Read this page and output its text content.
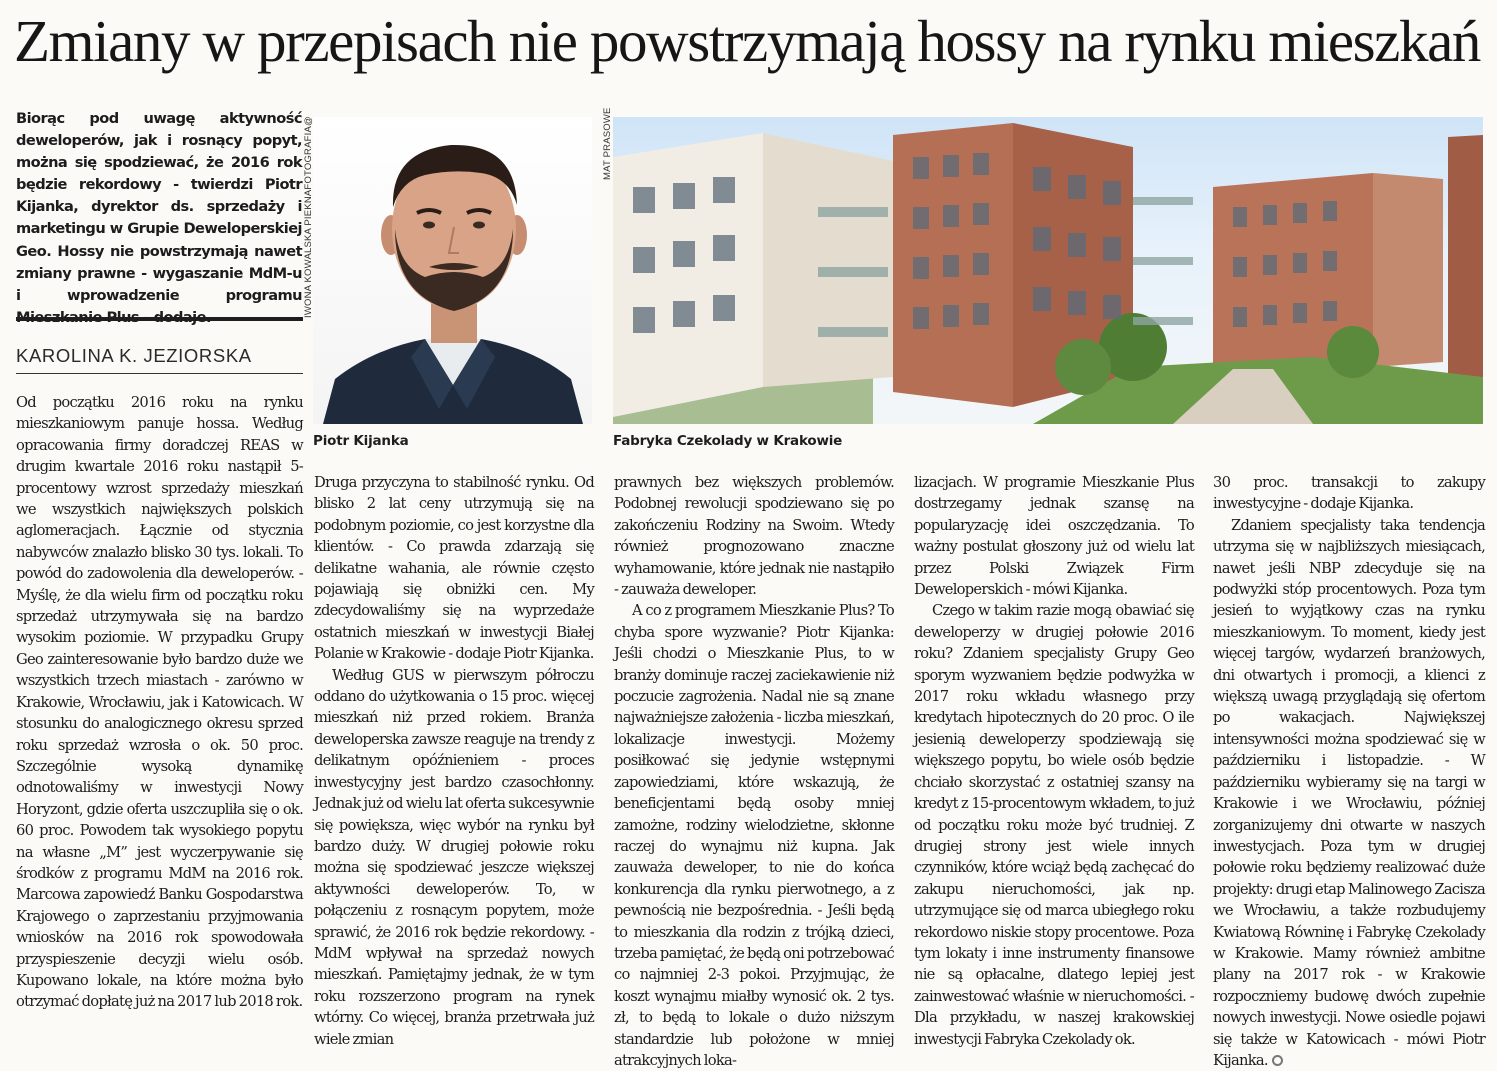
Zmiany w przepisach nie powstrzymają hossy na rynku mieszkań

Biorąc pod uwagę aktywność deweloperów, jak i rosnący popyt, można się spodziewać, że 2016 rok będzie rekordowy - twierdzi Piotr Kijanka, dyrektor ds. sprzedaży i marketingu w Grupie Deweloperskiej Geo. Hossy nie powstrzymają nawet zmiany prawne - wygaszanie MdM-u i wprowadzenie programu

KAROLINA K. JEZIORSKA

IWONA KOWALSKA PIEKNAFOTOGRAFIA@	MAT PRASOWE

Piotr Kijanka	Fabryka Czekolady w Krakowie

Od początku 2016 roku na rynku mieszkaniowym panuje hossa. Według opracowania firmy doradczej REAS w drugim kwartale 2016 roku nastąpił 5-procentowy wzrost sprzedaży mieszkań we wszystkich największych polskich aglomeracjach. Łącznie od stycznia nabywców znalazło blisko 30 tys. lokali. To powód do zadowolenia dla deweloperów. - Myślę, że dla wielu firm od początku roku sprzedaż utrzymywała się na bardzo wysokim poziomie. W przypadku Grupy Geo zainteresowanie było bardzo duże we wszystkich trzech miastach - zarówno w Krakowie, Wrocławiu, jak i Katowicach. W stosunku do analogicznego okresu sprzed roku sprzedaż wzrosła o ok. 50 proc. Szczególnie wysoką dynamikę odnotowaliśmy w inwestycji Nowy Horyzont, gdzie oferta uszczupliła się o ok. 60 proc. Powodem tak wysokiego popytu na własne „M” jest wyczerpywanie się środków z programu MdM na 2016 rok. Marcowa zapowiedź Banku Gospodarstwa Krajowego o zaprzestaniu przyjmowania wniosków na 2016 rok spowodowała przyspieszenie decyzji wielu osób. Kupowano lokale, na które można było otrzymać dopłatę już na 2017 lub 2018 rok.

Druga przyczyna to stabilność rynku. Od blisko 2 lat ceny utrzymują się na podobnym poziomie, co jest korzystne dla klientów. - Co prawda zdarzają się delikatne wahania, ale równie często pojawiają się obniżki cen. My zdecydowaliśmy się na wyprzedaże ostatnich mieszkań w inwestycji Białej Polanie w Krakowie - dodaje Piotr Kijanka.

Według GUS w pierwszym półroczu oddano do użytkowania o 15 proc. więcej mieszkań niż przed rokiem. Branża deweloperska zawsze reaguje na trendy z delikatnym opóźnieniem - proces inwestycyjny jest bardzo czasochłonny. Jednak już od wielu lat oferta sukcesywnie się powiększa, więc wybór na rynku był bardzo duży. W drugiej połowie roku można się spodziewać jeszcze większej aktywności deweloperów. To, w połączeniu z rosnącym popytem, może sprawić, że 2016 rok będzie rekordowy. - MdM wpływał na sprzedaż nowych mieszkań. Pamiętajmy jednak, że w tym roku rozszerzono program na rynek wtórny. Co więcej, branża przetrwała już wiele zmian

prawnych bez większych problemów. Podobnej rewolucji spodziewano się po zakończeniu Rodziny na Swoim. Wtedy również prognozowano znaczne wyhamowanie, które jednak nie nastąpiło - zauważa deweloper.

A co z programem Mieszkanie Plus? To chyba spore wyzwanie? Piotr Kijanka: Jeśli chodzi o Mieszkanie Plus, to w branży dominuje raczej zaciekawienie niż poczucie zagrożenia. Nadal nie są znane najważniejsze założenia - liczba mieszkań, lokalizacje inwestycji. Możemy posiłkować się jedynie wstępnymi zapowiedziami, które wskazują, że beneficjentami będą osoby mniej zamożne, rodziny wielodzietne, skłonne raczej do wynajmu niż kupna. Jak zauważa deweloper, to nie do końca konkurencja dla rynku pierwotnego, a z pewnością nie bezpośrednia. - Jeśli będą to mieszkania dla rodzin z trójką dzieci, trzeba pamiętać, że będą oni potrzebować co najmniej 2-3 pokoi. Przyjmując, że koszt wynajmu miałby wynosić ok. 2 tys. zł, to będą to lokale o dużo niższym standardzie lub położone w mniej atrakcyjnych loka-

lizacjach. W programie Mieszkanie Plus dostrzegamy jednak szansę na popularyzację idei oszczędzania. To ważny postulat głoszony już od wielu lat przez Polski Związek Firm Deweloperskich - mówi Kijanka.

Czego w takim razie mogą obawiać się deweloperzy w drugiej połowie 2016 roku? Zdaniem specjalisty Grupy Geo sporym wyzwaniem będzie podwyżka w 2017 roku wkładu własnego przy kredytach hipotecznych do 20 proc. O ile jesienią deweloperzy spodziewają się większego popytu, bo wiele osób będzie chciało skorzystać z ostatniej szansy na kredyt z 15-procentowym wkładem, to już od początku roku może być trudniej. Z drugiej strony jest wiele innych czynników, które wciąż będą zachęcać do zakupu nieruchomości, jak np. utrzymujące się od marca ubiegłego roku rekordowo niskie stopy procentowe. Poza tym lokaty i inne instrumenty finansowe nie są opłacalne, dlatego lepiej jest zainwestować właśnie w nieruchomości. - Dla przykładu, w naszej krakowskiej inwestycji Fabryka Czekolady ok.

30 proc. transakcji to zakupy inwestycyjne - dodaje Kijanka.

Zdaniem specjalisty taka tendencja utrzyma się w najbliższych miesiącach, nawet jeśli NBP zdecyduje się na podwyżki stóp procentowych. Poza tym jesień to wyjątkowy czas na rynku mieszkaniowym. To moment, kiedy jest więcej targów, wydarzeń branżowych, dni otwartych i promocji, a klienci z większą uwagą przyglądają się ofertom po wakacjach. Największej intensywności można spodziewać się w październiku i listopadzie. - W październiku wybieramy się na targi w Krakowie i we Wrocławiu, później zorganizujemy dni otwarte w naszych inwestycjach. Poza tym w drugiej połowie roku będziemy realizować duże projekty: drugi etap Malinowego Zacisza we Wrocławiu, a także rozbudujemy Kwiatową Równinę i Fabrykę Czekolady w Krakowie. Mamy również ambitne plany na 2017 rok - w Krakowie rozpoczniemy budowę dwóch zupełnie nowych inwestycji. Nowe osiedle pojawi się także w Katowicach - mówi Piotr Kijanka.
